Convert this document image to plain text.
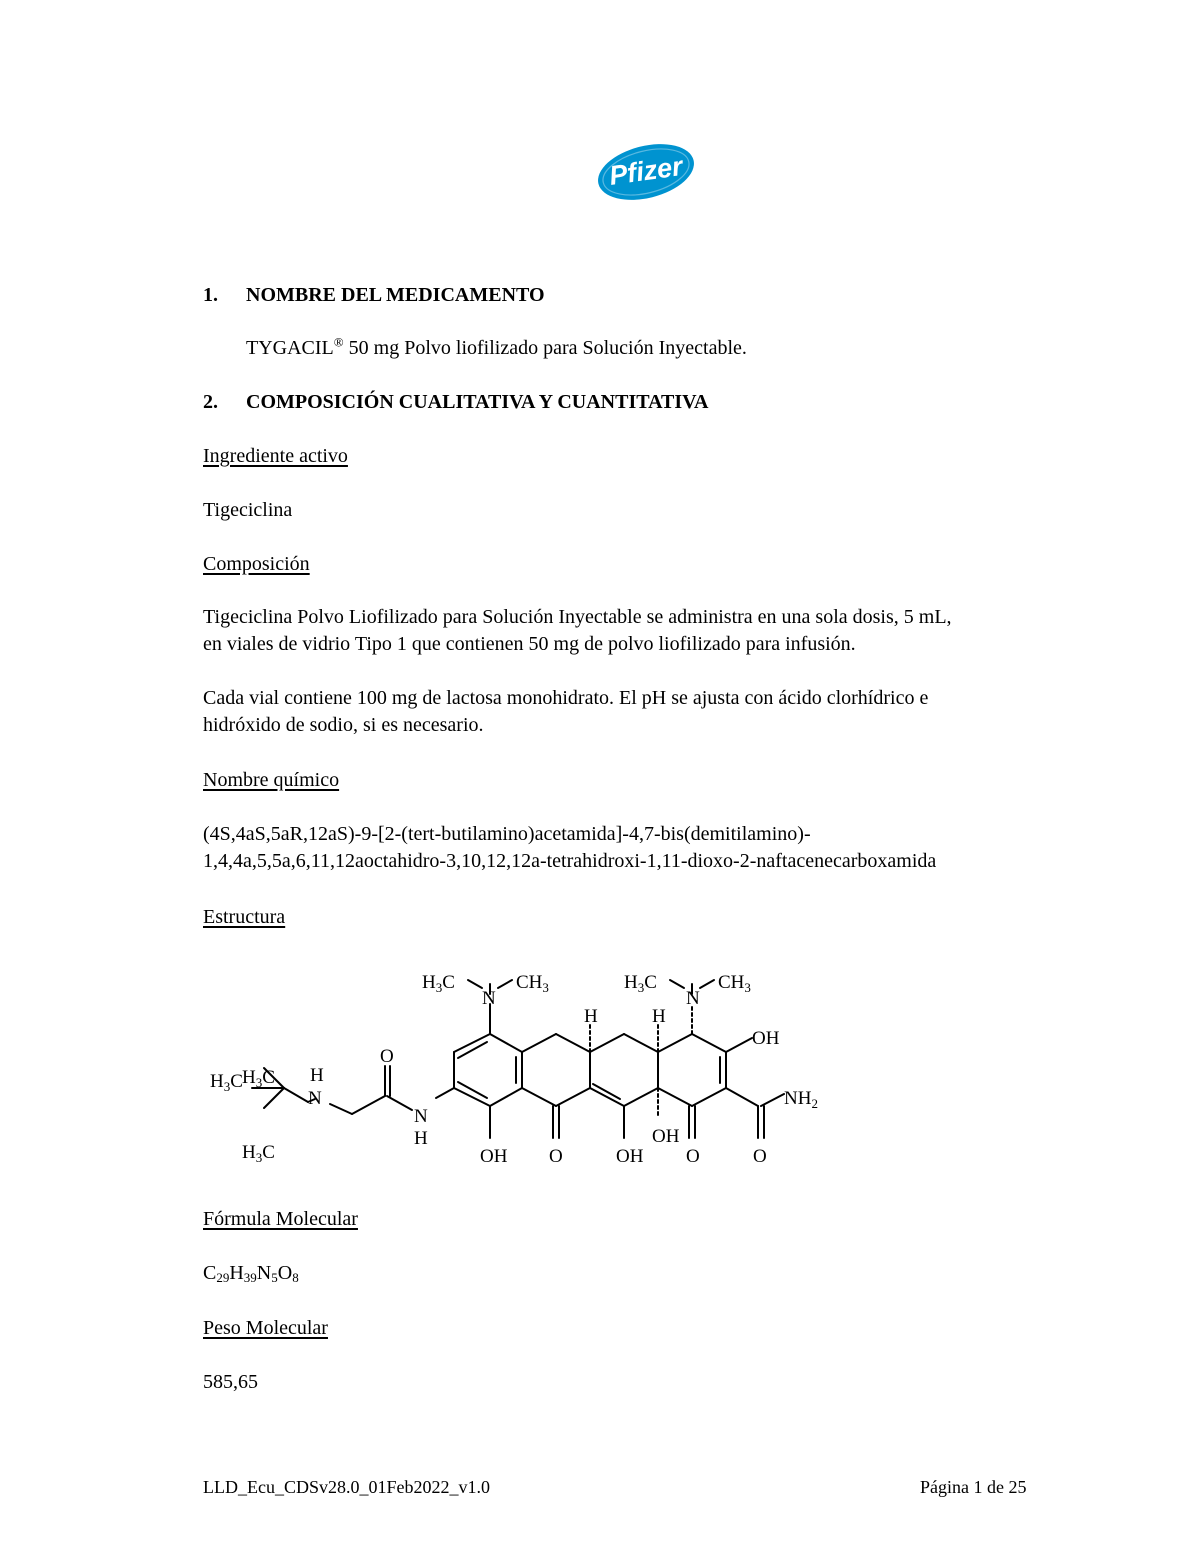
Pfizer
1. NOMBRE DEL MEDICAMENTO
TYGACIL® 50 mg Polvo liofilizado para Solución Inyectable.
2. COMPOSICIÓN CUALITATIVA Y CUANTITATIVA
Ingrediente activo
Tigeciclina
Composición
Tigeciclina Polvo Liofilizado para Solución Inyectable se administra en una sola dosis, 5 mL,
en viales de vidrio Tipo 1 que contienen 50 mg de polvo liofilizado para infusión.
Cada vial contiene 100 mg de lactosa monohidrato. El pH se ajusta con ácido clorhídrico e
hidróxido de sodio, si es necesario.
Nombre químico
(4S,4aS,5aR,12aS)-9-[2-(tert-butilamino)acetamida]-4,7-bis(demitilamino)-
1,4,4a,5,5a,6,11,12aoctahidro-3,10,12,12a-tetrahidroxi-1,11-dioxo-2-naftacenecarboxamida
Estructura
$H_3C$ $H_3C$
$H_3C$
H
N
O
N
H
$H_3C$
N
$CH_3$
OH O
H
OH
$H_3C$
H
OH
N
O
$CH_3$
OH
$NH_2$
O
Fórmula Molecular
$C_{29}H_{39}N_5O_8$
Peso Molecular
585,65
LLD_Ecu_CDSv28.0_01Feb2022_v1.0	Página 1 de 25
